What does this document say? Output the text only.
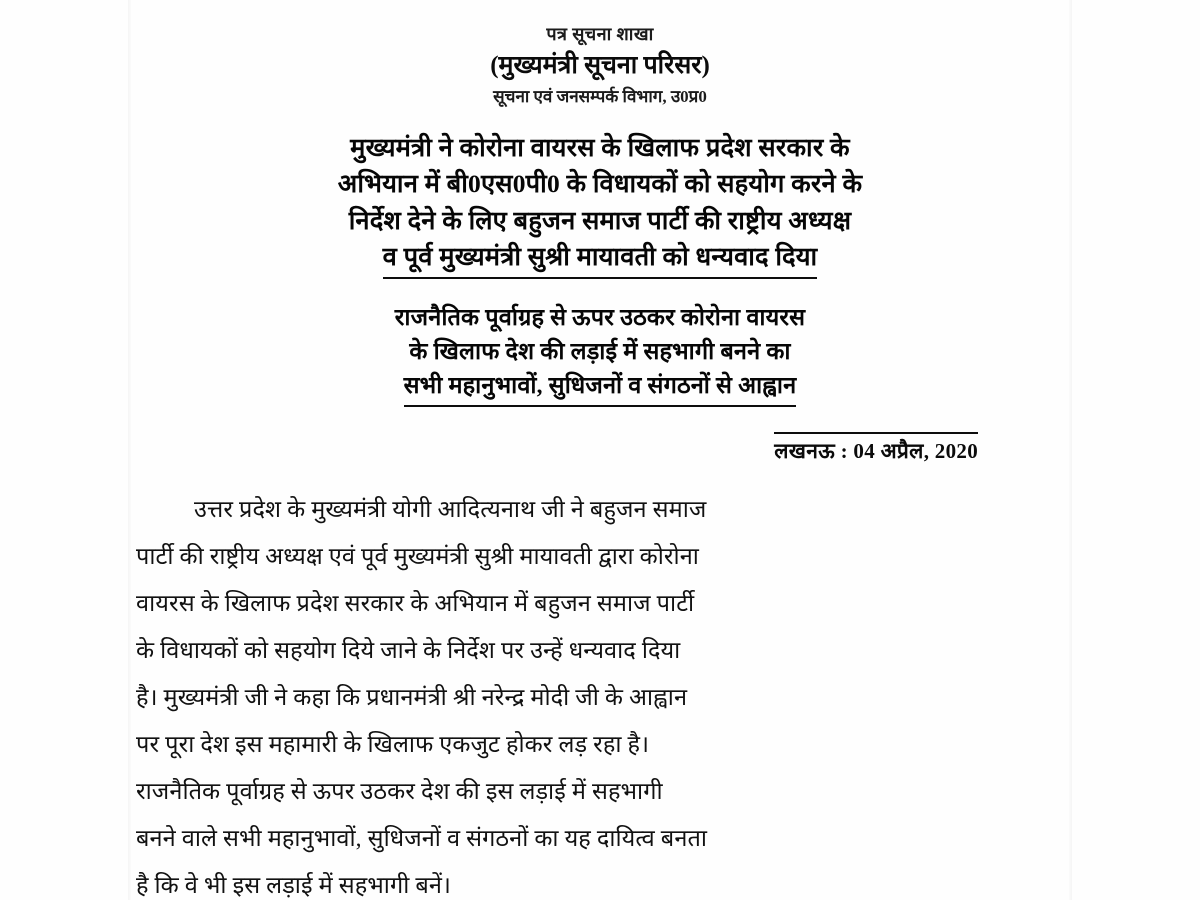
पत्र सूचना शाखा
(मुख्यमंत्री सूचना परिसर)
सूचना एवं जनसम्पर्क विभाग, उ0प्र0
मुख्यमंत्री ने कोरोना वायरस के खिलाफ प्रदेश सरकार के
अभियान में बी0एस0पी0 के विधायकों को सहयोग करने के
निर्देश देने के लिए बहुजन समाज पार्टी की राष्ट्रीय अध्यक्ष
व पूर्व मुख्यमंत्री सुश्री मायावती को धन्यवाद दिया
राजनैतिक पूर्वाग्रह से ऊपर उठकर कोरोना वायरस
के खिलाफ देश की लड़ाई में सहभागी बनने का
सभी महानुभावों, सुधिजनों व संगठनों से आह्वान
लखनऊ : 04 अप्रैल, 2020
उत्तर प्रदेश के मुख्यमंत्री योगी आदित्यनाथ जी ने बहुजन समाज
पार्टी की राष्ट्रीय अध्यक्ष एवं पूर्व मुख्यमंत्री सुश्री मायावती द्वारा कोरोना
वायरस के खिलाफ प्रदेश सरकार के अभियान में बहुजन समाज पार्टी
के विधायकों को सहयोग दिये जाने के निर्देश पर उन्हें धन्यवाद दिया
है। मुख्यमंत्री जी ने कहा कि प्रधानमंत्री श्री नरेन्द्र मोदी जी के आह्वान
पर पूरा देश इस महामारी के खिलाफ एकजुट होकर लड़ रहा है।
राजनैतिक पूर्वाग्रह से ऊपर उठकर देश की इस लड़ाई में सहभागी
बनने वाले सभी महानुभावों, सुधिजनों व संगठनों का यह दायित्व बनता
है कि वे भी इस लड़ाई में सहभागी बनें।
